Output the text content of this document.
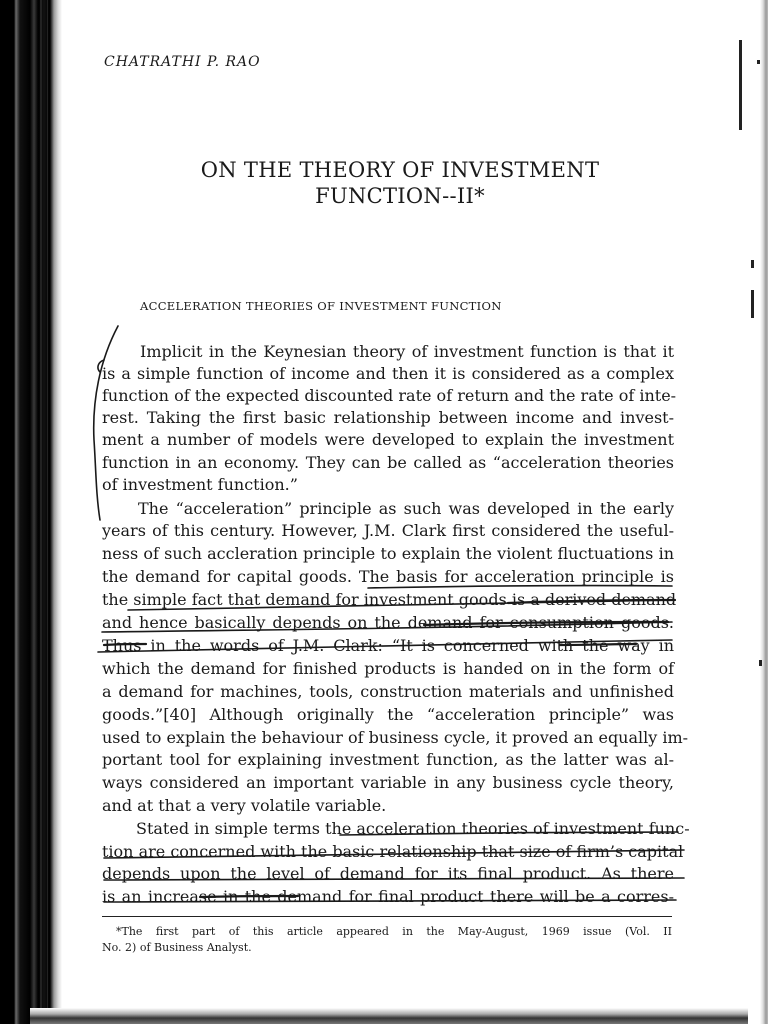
CHATRATHI P. RAO
ON THE THEORY OF INVESTMENT
FUNCTION--II*
ACCELERATION THEORIES OF INVESTMENT FUNCTION
Implicit in the Keynesian theory of investment function is that it
is a simple function of income and then it is considered as a complex
function of the expected discounted rate of return and the rate of inte-
rest. Taking the first basic relationship between income and invest-
ment a number of models were developed to explain the investment
function in an economy. They can be called as “acceleration theories
of investment function.”
The “acceleration” principle as such was developed in the early
years of this century. However, J.M. Clark first considered the useful-
ness of such accleration principle to explain the violent fluctuations in
the demand for capital goods. The basis for acceleration principle is
the simple fact that demand for investment goods is a derived demand
and hence basically depends on the demand for consumption goods.
Thus in the words of J.M. Clark: “It is concerned with the way in
which the demand for finished products is handed on in the form of
a demand for machines, tools, construction materials and unfinished
goods.”[40] Although originally the “acceleration principle” was
used to explain the behaviour of business cycle, it proved an equally im-
portant tool for explaining investment function, as the latter was al-
ways considered an important variable in any business cycle theory,
and at that a very volatile variable.
Stated in simple terms the acceleration theories of investment func-
tion are concerned with the basic relationship that size of firm’s capital
depends upon the level of demand for its final product. As there
is an increase in the demand for final product there will be a corres-
*The first part of this article appeared in the May-August, 1969 issue (Vol. II
No. 2) of Business Analyst.
